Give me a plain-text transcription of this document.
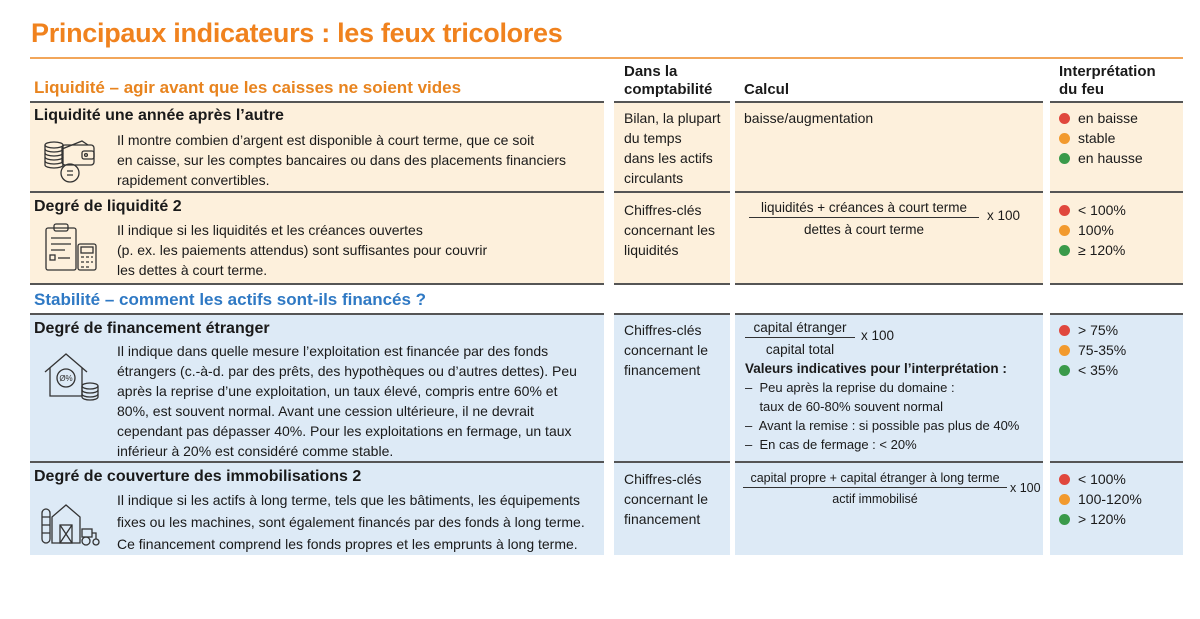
Principaux indicateurs : les feux tricolores
Liquidité – agir avant que les caisses ne soient vides
Dans la
comptabilité Calcul
Interprétation
du feu
Stabilité – comment les actifs sont-ils financés ?
Liquidité une année après l’autre
Il montre combien d’argent est disponible à court terme, que ce soit
en caisse, sur les comptes bancaires ou dans des placements financiers
rapidement convertibles.
Bilan, la plupart
du temps
dans les actifs
circulants
baisse/augmentation	en baisse
stable
en hausse
Degré de liquidité 2
Il indique si les liquidités et les créances ouvertes
(p. ex. les paiements attendus) sont suffisantes pour couvrir
les dettes à court terme.
Chiffres-clés
concernant les
liquidités
liquidités + créances à court terme
dettes à court terme
x 100	< 100%
100%
≥ 120%
Degré de financement étranger
Ø%
Il indique dans quelle mesure l’exploitation est financée par des fonds
étrangers (c.-à-d. par des prêts, des hypothèques ou d’autres dettes). Peu
après la reprise d’une exploitation, un taux élevé, compris entre 60% et
80%, est souvent normal. Avant une cession ultérieure, il ne devrait
cependant pas dépasser 40%. Pour les exploitations en fermage, un taux
inférieur à 20% est considéré comme stable.
Chiffres-clés
concernant le
financement
capital étranger
capital total
x 100
Valeurs indicatives pour l’interprétation :
–  Peu après la reprise du domaine :
taux de 60-80% souvent normal
–  Avant la remise : si possible pas plus de 40%
–  En cas de fermage : < 20%
> 75%
75-35%
< 35%
Degré de couverture des immobilisations 2
Il indique si les actifs à long terme, tels que les bâtiments, les équipements
fixes ou les machines, sont également financés par des fonds à long terme.
Ce financement comprend les fonds propres et les emprunts à long terme.
Chiffres-clés
concernant le
financement
capital propre + capital étranger à long terme
actif immobilisé
x 100
< 100%
100-120%
> 120%
